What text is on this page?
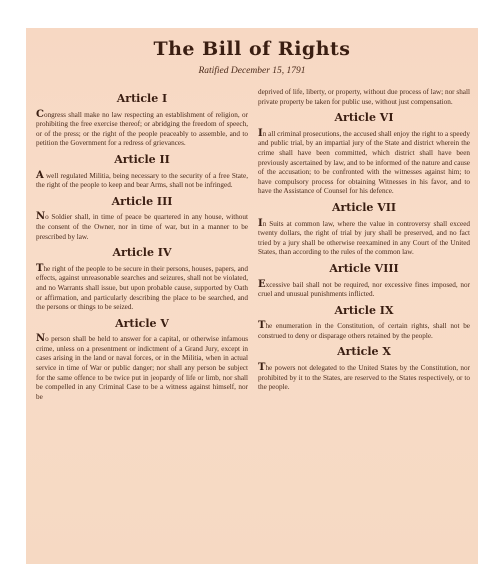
The Bill of Rights
Ratified December 15, 1791
Article I
Congress shall make no law respecting an establishment of religion, or prohibiting the free exercise thereof; or abridging the freedom of speech, or of the press; or the right of the people peaceably to assemble, and to petition the Government for a redress of grievances.
Article II
A well regulated Militia, being necessary to the security of a free State, the right of the people to keep and bear Arms, shall not be infringed.
Article III
No Soldier shall, in time of peace be quartered in any house, without the consent of the Owner, nor in time of war, but in a manner to be prescribed by law.
Article IV
The right of the people to be secure in their persons, houses, papers, and effects, against unreasonable searches and seizures, shall not be violated, and no Warrants shall issue, but upon probable cause, supported by Oath or affirmation, and particularly describing the place to be searched, and the persons or things to be seized.
Article V
No person shall be held to answer for a capital, or otherwise infamous crime, unless on a presentment or indictment of a Grand Jury, except in cases arising in the land or naval forces, or in the Militia, when in actual service in time of War or public danger; nor shall any person be subject for the same offence to be twice put in jeopardy of life or limb, nor shall be compelled in any Criminal Case to be a witness against himself, nor be
deprived of life, liberty, or property, without due process of law; nor shall private property be taken for public use, without just compensation.
Article VI
In all criminal prosecutions, the accused shall enjoy the right to a speedy and public trial, by an impartial jury of the State and district wherein the crime shall have been committed, which district shall have been previously ascertained by law, and to be informed of the nature and cause of the accusation; to be confronted with the witnesses against him; to have compulsory process for obtaining Witnesses in his favor, and to have the Assistance of Counsel for his defence.
Article VII
In Suits at common law, where the value in controversy shall exceed twenty dollars, the right of trial by jury shall be preserved, and no fact tried by a jury shall be otherwise reexamined in any Court of the United States, than according to the rules of the common law.
Article VIII
Excessive bail shall not be required, nor excessive fines imposed, nor cruel and unusual punishments inflicted.
Article IX
The enumeration in the Constitution, of certain rights, shall not be construed to deny or disparage others retained by the people.
Article X
The powers not delegated to the United States by the Constitution, nor prohibited by it to the States, are reserved to the States respectively, or to the people.
